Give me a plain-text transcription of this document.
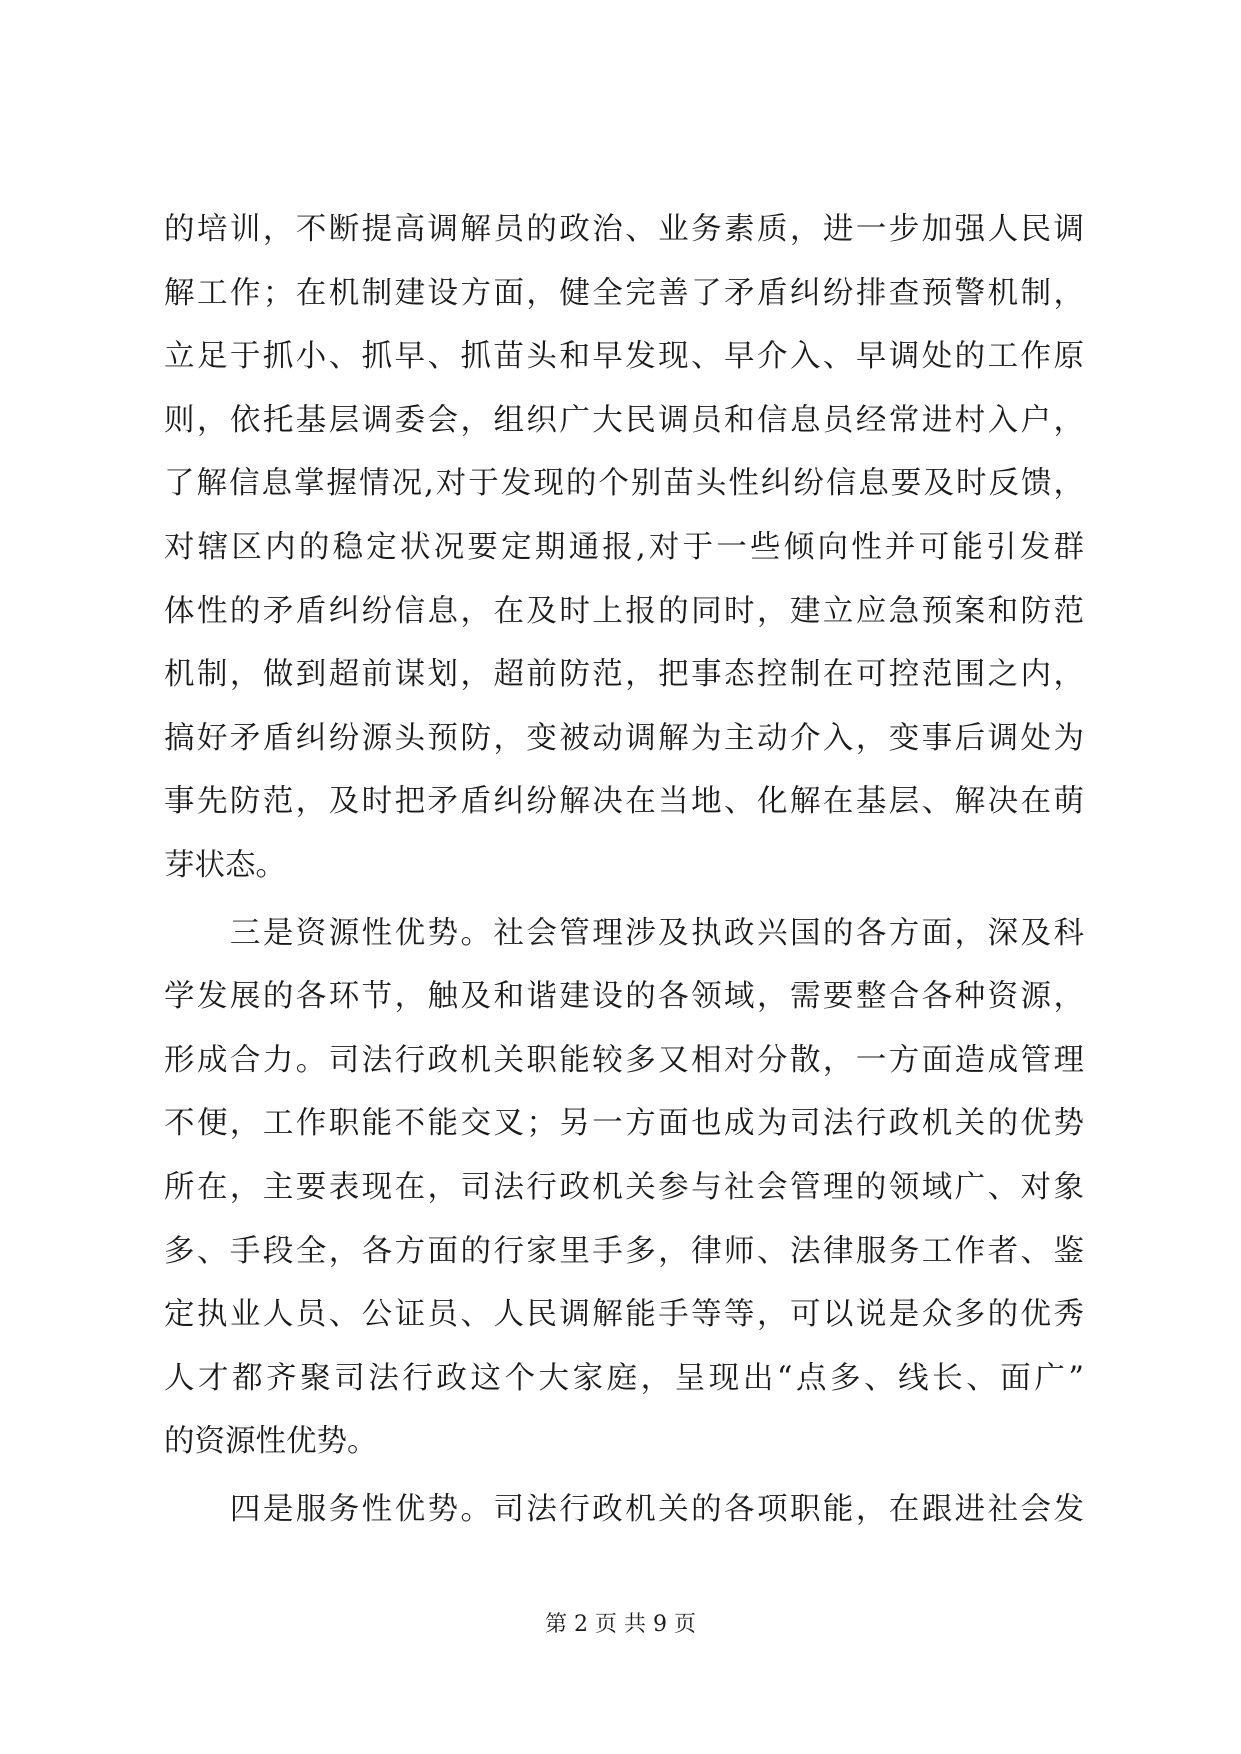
的培训，不断提高调解员的政治、业务素质，进一步加强人民调
解工作；在机制建设方面，健全完善了矛盾纠纷排查预警机制，
立足于抓小、抓早、抓苗头和早发现、早介入、早调处的工作原
则，依托基层调委会，组织广大民调员和信息员经常进村入户，
了解信息掌握情况,对于发现的个别苗头性纠纷信息要及时反馈，
对辖区内的稳定状况要定期通报,对于一些倾向性并可能引发群
体性的矛盾纠纷信息，在及时上报的同时，建立应急预案和防范
机制，做到超前谋划，超前防范，把事态控制在可控范围之内，
搞好矛盾纠纷源头预防，变被动调解为主动介入，变事后调处为
事先防范，及时把矛盾纠纷解决在当地、化解在基层、解决在萌
芽状态。
　　三是资源性优势。社会管理涉及执政兴国的各方面，深及科
学发展的各环节，触及和谐建设的各领域，需要整合各种资源，
形成合力。司法行政机关职能较多又相对分散，一方面造成管理
不便，工作职能不能交叉；另一方面也成为司法行政机关的优势
所在，主要表现在，司法行政机关参与社会管理的领域广、对象
多、手段全，各方面的行家里手多，律师、法律服务工作者、鉴
定执业人员、公证员、人民调解能手等等，可以说是众多的优秀
人才都齐聚司法行政这个大家庭，呈现出“点多、线长、面广”
的资源性优势。
　　四是服务性优势。司法行政机关的各项职能，在跟进社会发
第 2 页 共 9 页
